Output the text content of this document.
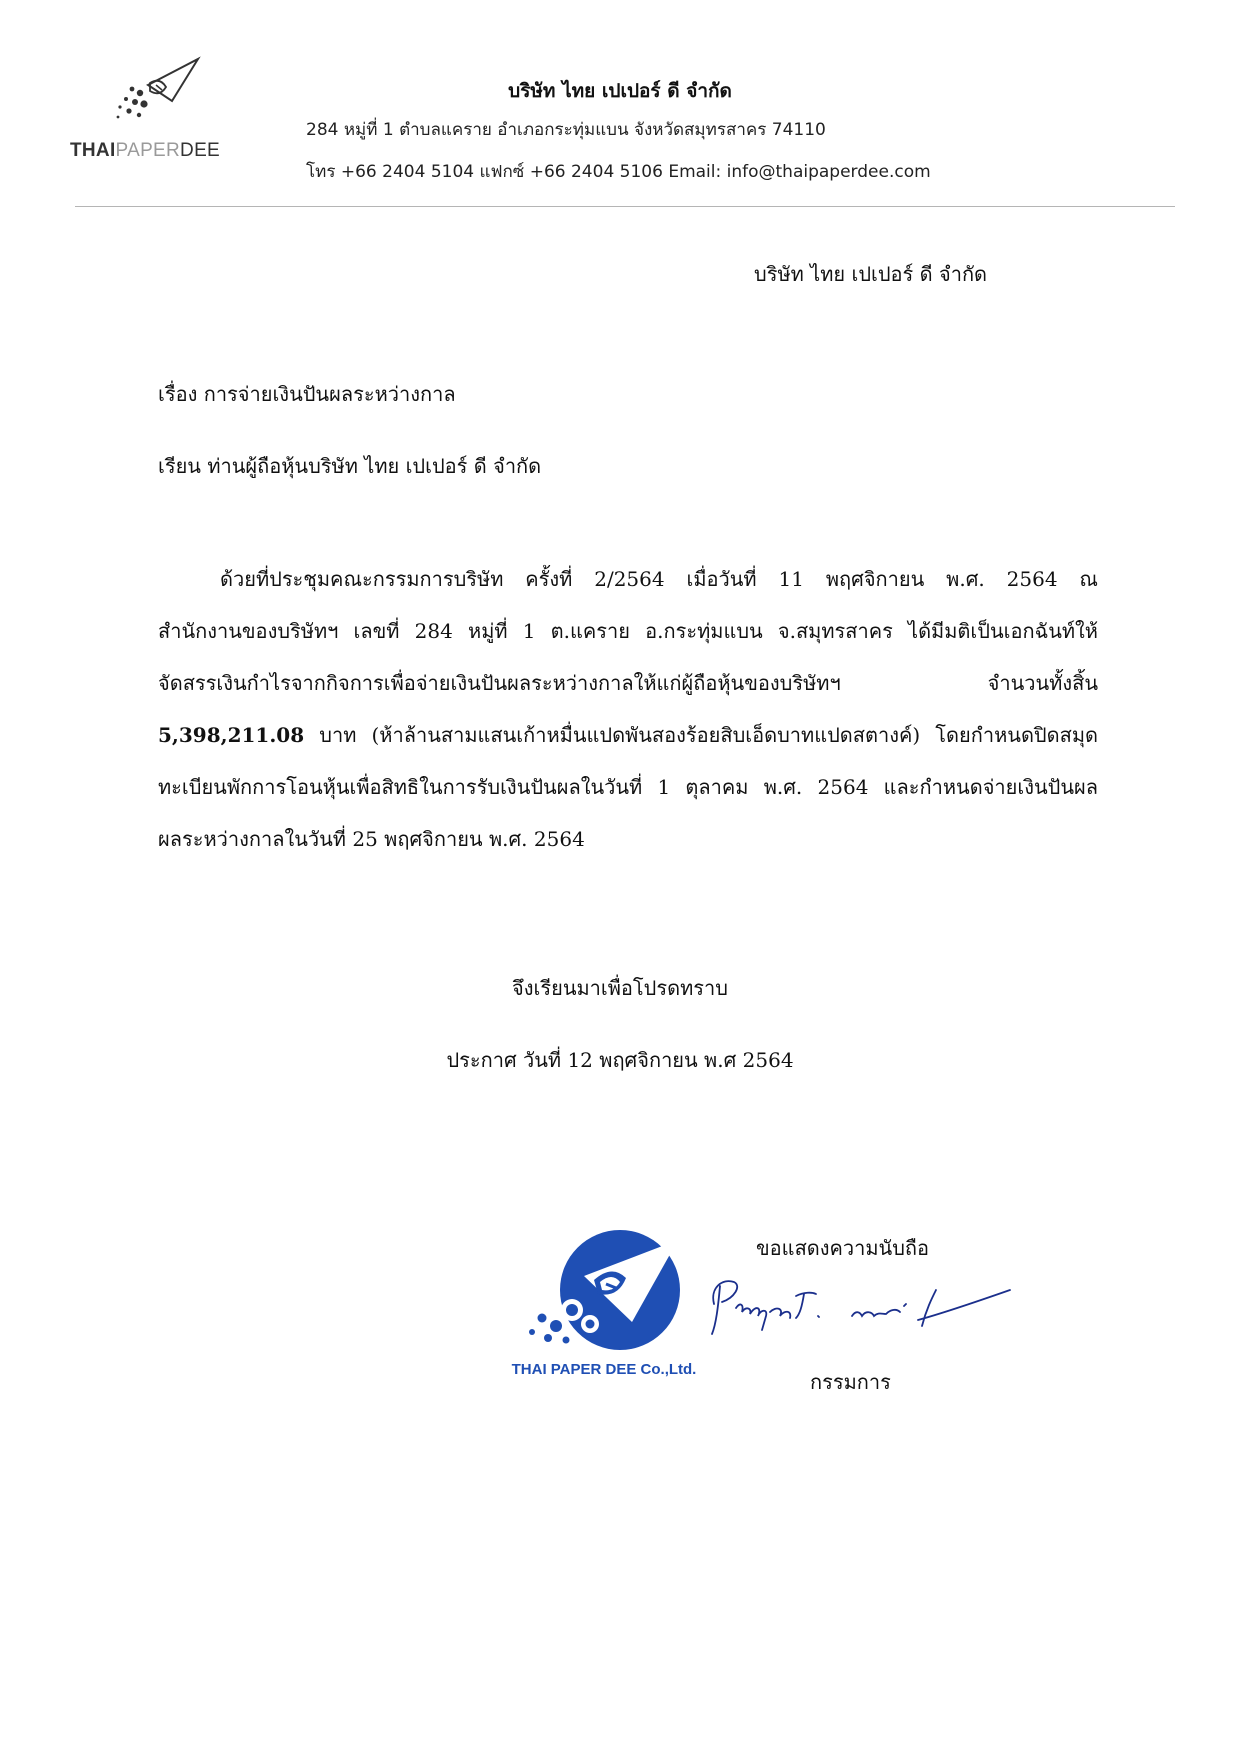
THAIPAPERDEE
บริษัท ไทย เปเปอร์ ดี จำกัด
284 หมู่ที่ 1 ตำบลแคราย อำเภอกระทุ่มแบน จังหวัดสมุทรสาคร 74110
โทร +66 2404 5104 แฟกซ์ +66 2404 5106 Email: info@thaipaperdee.com
บริษัท ไทย เปเปอร์ ดี จำกัด
เรื่อง การจ่ายเงินปันผลระหว่างกาล
เรียน ท่านผู้ถือหุ้นบริษัท ไทย เปเปอร์ ดี จำกัด
ด้วยที่ประชุมคณะกรรมการบริษัท ครั้งที่ 2/2564 เมื่อวันที่ 11 พฤศจิกายน พ.ศ. 2564 ณ
สำนักงานของบริษัทฯ เลขที่ 284 หมู่ที่ 1 ต.แคราย อ.กระทุ่มแบน จ.สมุทรสาคร ได้มีมติเป็นเอกฉันท์ให้
จัดสรรเงินกำไรจากกิจการเพื่อจ่ายเงินปันผลระหว่างกาลให้แก่ผู้ถือหุ้นของบริษัทฯ จำนวนทั้งสิ้น
5,398,211.08 บาท (ห้าล้านสามแสนเก้าหมื่นแปดพันสองร้อยสิบเอ็ดบาทแปดสตางค์) โดยกำหนดปิดสมุด
ทะเบียนพักการโอนหุ้นเพื่อสิทธิในการรับเงินปันผลในวันที่ 1 ตุลาคม พ.ศ. 2564 และกำหนดจ่ายเงินปันผล
ผลระหว่างกาลในวันที่ 25 พฤศจิกายน พ.ศ. 2564
จึงเรียนมาเพื่อโปรดทราบ
ประกาศ วันที่ 12 พฤศจิกายน พ.ศ 2564
ขอแสดงความนับถือ
กรรมการ
THAI PAPER DEE Co.,Ltd.
